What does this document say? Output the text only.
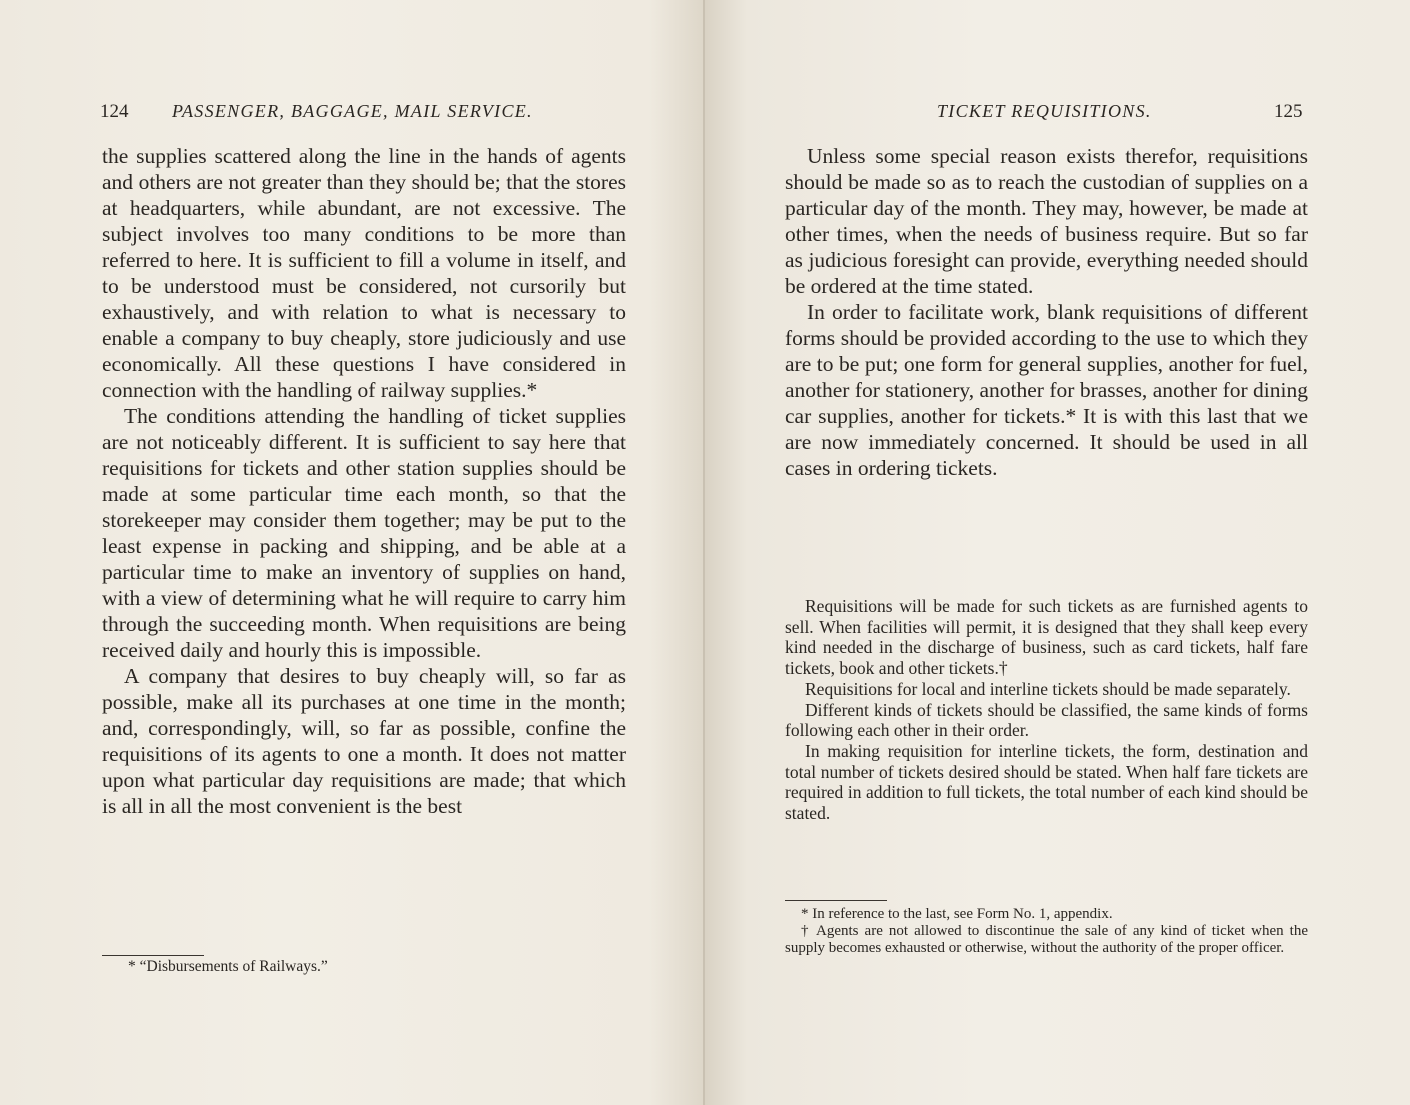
124 PASSENGER, BAGGAGE, MAIL SERVICE.

the supplies scattered along the line in the hands of agents and others are not greater than they should be; that the stores at headquarters, while abundant, are not excessive. The subject involves too many conditions to be more than referred to here. It is sufficient to fill a volume in itself, and to be understood must be considered, not cursorily but exhaustively, and with relation to what is necessary to enable a company to buy cheaply, store judiciously and use economically. All these questions I have considered in connection with the handling of railway supplies.*

The conditions attending the handling of ticket supplies are not noticeably different. It is sufficient to say here that requisitions for tickets and other station supplies should be made at some particular time each month, so that the storekeeper may consider them together; may be put to the least expense in packing and shipping, and be able at a particular time to make an inventory of supplies on hand, with a view of determining what he will require to carry him through the succeeding month. When requisitions are being received daily and hourly this is impossible.

A company that desires to buy cheaply will, so far as possible, make all its purchases at one time in the month; and, correspondingly, will, so far as possible, confine the requisitions of its agents to one a month. It does not matter upon what particular day requisitions are made; that which is all in all the most convenient is the best

* “Disbursements of Railways.”

TICKET REQUISITIONS.	125

Unless some special reason exists therefor, requisitions should be made so as to reach the custodian of supplies on a particular day of the month. They may, however, be made at other times, when the needs of business require. But so far as judicious foresight can provide, everything needed should be ordered at the time stated.

In order to facilitate work, blank requisitions of different forms should be provided according to the use to which they are to be put; one form for general supplies, another for fuel, another for stationery, another for brasses, another for dining car supplies, another for tickets.* It is with this last that we are now immediately concerned. It should be used in all cases in ordering tickets.

Requisitions will be made for such tickets as are furnished agents to sell. When facilities will permit, it is designed that they shall keep every kind needed in the discharge of business, such as card tickets, half fare tickets, book and other tickets.†

Requisitions for local and interline tickets should be made separately.

Different kinds of tickets should be classified, the same kinds of forms following each other in their order.

In making requisition for interline tickets, the form, destination and total number of tickets desired should be stated. When half fare tickets are required in addition to full tickets, the total number of each kind should be stated.

* In reference to the last, see Form No. 1, appendix.

† Agents are not allowed to discontinue the sale of any kind of ticket when the supply becomes exhausted or otherwise, without the authority of the proper officer.
